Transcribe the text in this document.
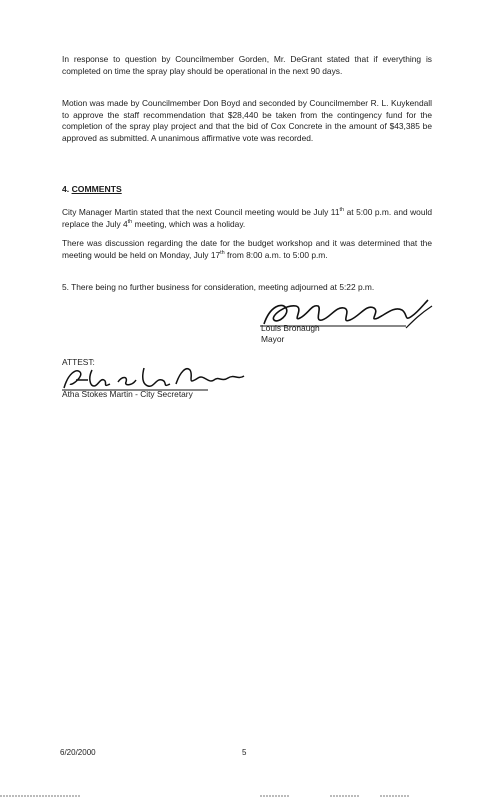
In response to question by Councilmember Gorden, Mr. DeGrant stated that if everything is completed on time the spray play should be operational in the next 90 days.
Motion was made by Councilmember Don Boyd and seconded by Councilmember R. L. Kuykendall to approve the staff recommendation that $28,440 be taken from the contingency fund for the completion of the spray play project and that the bid of Cox Concrete in the amount of $43,385 be approved as submitted. A unanimous affirmative vote was recorded.
4. COMMENTS
City Manager Martin stated that the next Council meeting would be July 11th at 5:00 p.m. and would replace the July 4th meeting, which was a holiday.
There was discussion regarding the date for the budget workshop and it was determined that the meeting would be held on Monday, July 17th from 8:00 a.m. to 5:00 p.m.
5. There being no further business for consideration, meeting adjourned at 5:22 p.m.
Louis Bronaugh
Mayor
ATTEST:
Atha Stokes Martin - City Secretary
6/20/2000	5
